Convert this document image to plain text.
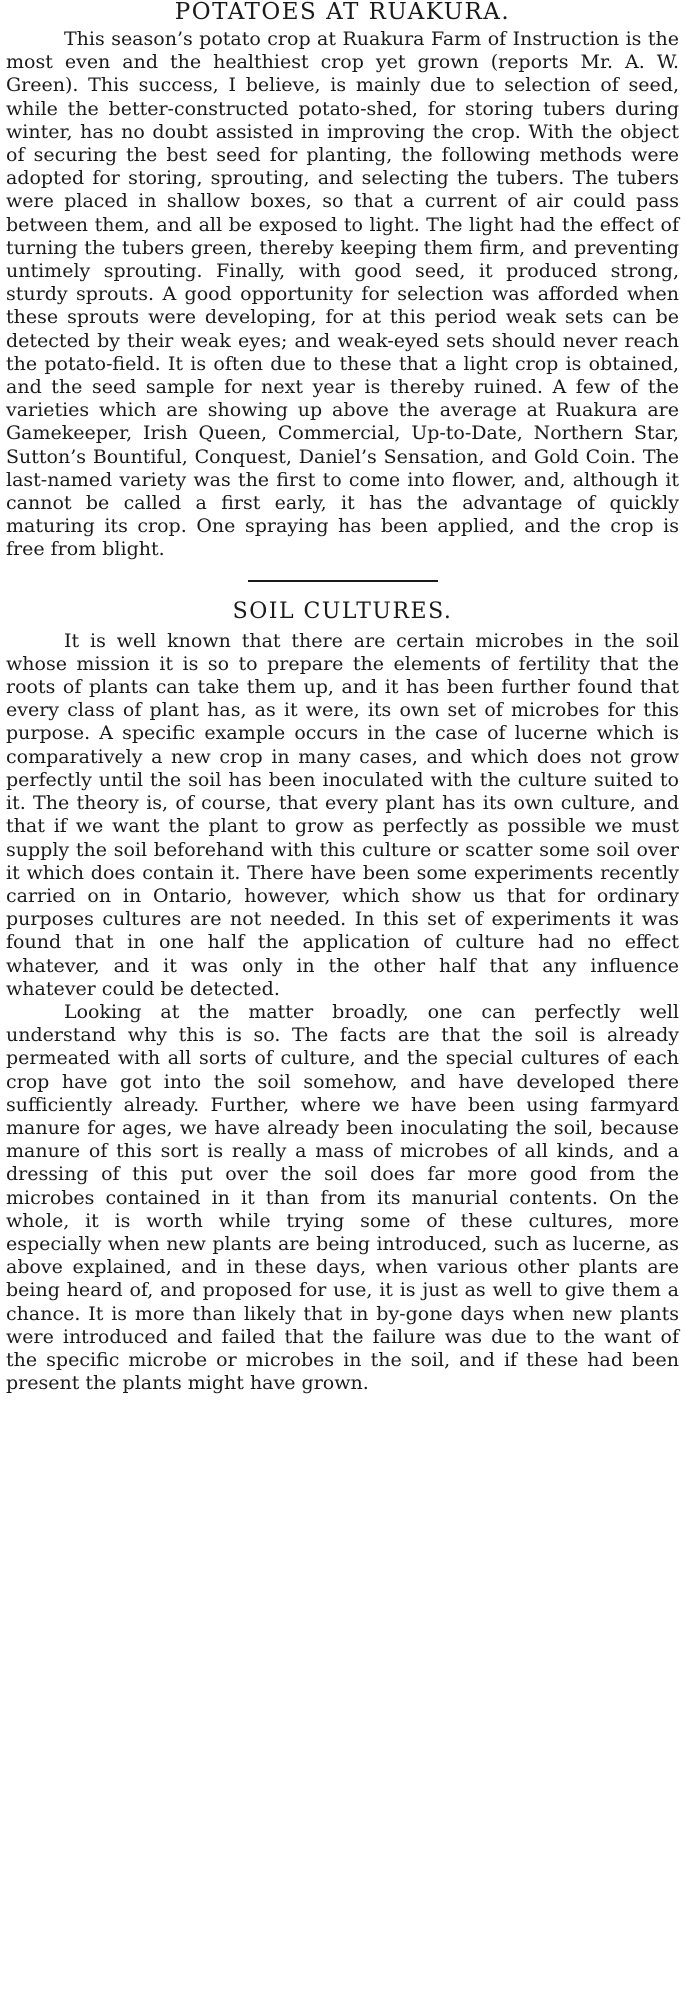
POTATOES AT RUAKURA.

This season’s potato crop at Ruakura Farm of Instruction is the most even and the healthiest crop yet grown (reports Mr. A. W. Green). This success, I believe, is mainly due to selection of seed, while the better-constructed potato-shed, for storing tubers during winter, has no doubt assisted in improving the crop. With the object of securing the best seed for planting, the following methods were adopted for storing, sprouting, and selecting the tubers. The tubers were placed in shallow boxes, so that a current of air could pass between them, and all be exposed to light. The light had the effect of turning the tubers green, thereby keeping them firm, and preventing untimely sprouting. Finally, with good seed, it produced strong, sturdy sprouts. A good opportunity for selection was afforded when these sprouts were developing, for at this period weak sets can be detected by their weak eyes; and weak-eyed sets should never reach the potato-field. It is often due to these that a light crop is obtained, and the seed sample for next year is thereby ruined. A few of the varieties which are showing up above the average at Ruakura are Gamekeeper, Irish Queen, Commercial, Up-to-Date, Northern Star, Sutton’s Bountiful, Conquest, Daniel’s Sensation, and Gold Coin. The last-named variety was the first to come into flower, and, although it cannot be called a first early, it has the advantage of quickly maturing its crop. One spraying has been applied, and the crop is free from blight.

SOIL CULTURES.

It is well known that there are certain microbes in the soil whose mission it is so to prepare the elements of fertility that the roots of plants can take them up, and it has been further found that every class of plant has, as it were, its own set of microbes for this purpose. A specific example occurs in the case of lucerne which is comparatively a new crop in many cases, and which does not grow perfectly until the soil has been inoculated with the culture suited to it. The theory is, of course, that every plant has its own culture, and that if we want the plant to grow as perfectly as possible we must supply the soil beforehand with this culture or scatter some soil over it which does contain it. There have been some experiments recently carried on in Ontario, however, which show us that for ordinary purposes cultures are not needed. In this set of experiments it was found that in one half the application of culture had no effect whatever, and it was only in the other half that any influence whatever could be detected.

Looking at the matter broadly, one can perfectly well understand why this is so. The facts are that the soil is already permeated with all sorts of culture, and the special cultures of each crop have got into the soil somehow, and have developed there sufficiently already. Further, where we have been using farmyard manure for ages, we have already been inoculating the soil, because manure of this sort is really a mass of microbes of all kinds, and a dressing of this put over the soil does far more good from the microbes contained in it than from its manurial contents. On the whole, it is worth while trying some of these cultures, more especially when new plants are being introduced, such as lucerne, as above explained, and in these days, when various other plants are being heard of, and proposed for use, it is just as well to give them a chance. It is more than likely that in by-gone days when new plants were introduced and failed that the failure was due to the want of the specific microbe or microbes in the soil, and if these had been present the plants might have grown.
